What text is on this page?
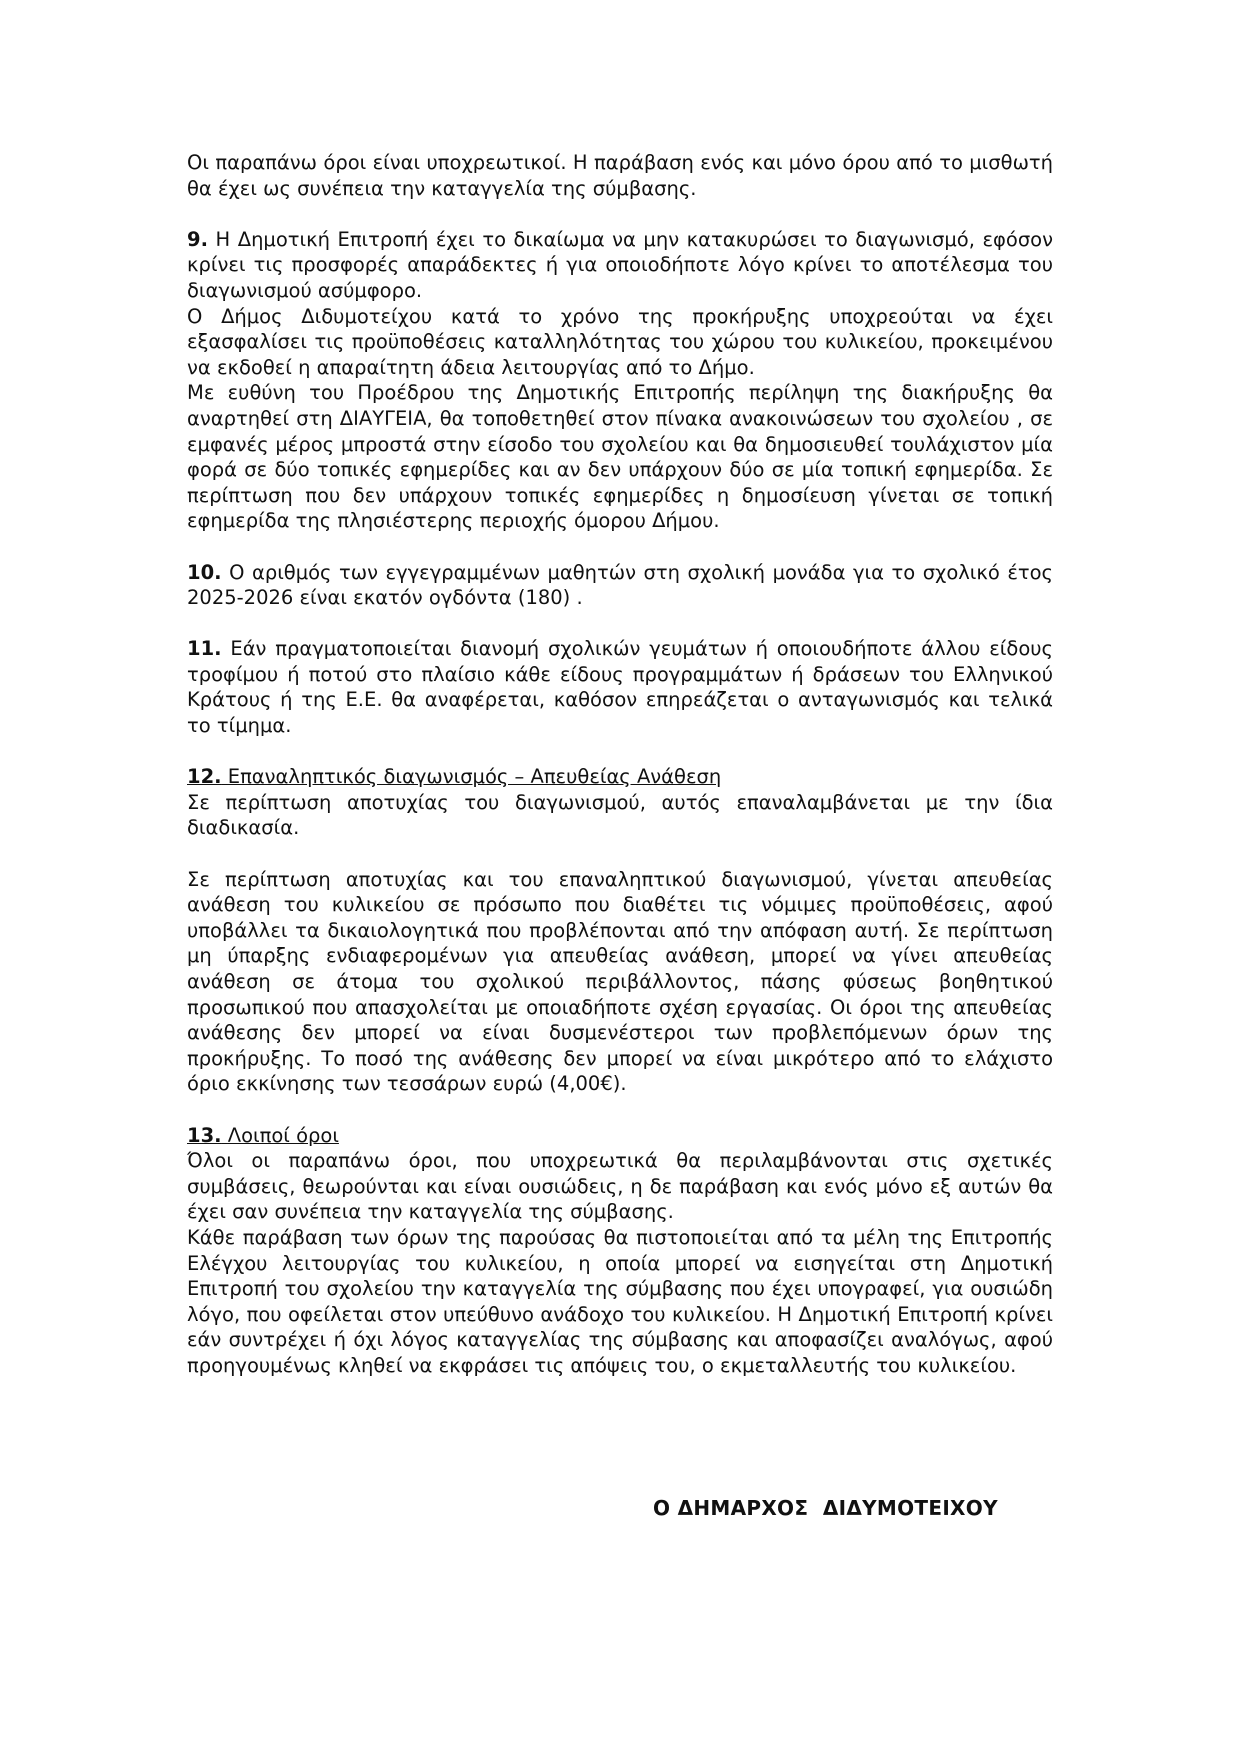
Οι παραπάνω όροι είναι υποχρεωτικοί. Η παράβαση ενός και μόνο όρου από το μισθωτή θα έχει ως συνέπεια την καταγγελία της σύμβασης.

9. Η Δημοτική Επιτροπή έχει το δικαίωμα να μην κατακυρώσει το διαγωνισμό, εφόσον κρίνει τις προσφορές απαράδεκτες ή για οποιοδήποτε λόγο κρίνει το αποτέλεσμα του διαγωνισμού ασύμφορο.

Ο Δήμος Διδυμοτείχου κατά το χρόνο της προκήρυξης υποχρεούται να έχει εξασφαλίσει τις προϋποθέσεις καταλληλότητας του χώρου του κυλικείου, προκειμένου να εκδοθεί η απαραίτητη άδεια λειτουργίας από το Δήμο.

Με ευθύνη του Προέδρου της Δημοτικής Επιτροπής περίληψη της διακήρυξης θα αναρτηθεί στη ΔΙΑΥΓΕΙΑ, θα τοποθετηθεί στον πίνακα ανακοινώσεων του σχολείου , σε εμφανές μέρος μπροστά στην είσοδο του σχολείου και θα δημοσιευθεί τουλάχιστον μία φορά σε δύο τοπικές εφημερίδες και αν δεν υπάρχουν δύο σε μία τοπική εφημερίδα. Σε περίπτωση που δεν υπάρχουν τοπικές εφημερίδες η δημοσίευση γίνεται σε τοπική εφημερίδα της πλησιέστερης περιοχής όμορου Δήμου.

10. Ο αριθμός των εγγεγραμμένων μαθητών στη σχολική μονάδα για το σχολικό έτος 2025-2026 είναι εκατόν ογδόντα (180) .

11. Εάν πραγματοποιείται διανομή σχολικών γευμάτων ή οποιουδήποτε άλλου είδους τροφίμου ή ποτού στο πλαίσιο κάθε είδους προγραμμάτων ή δράσεων του Ελληνικού Κράτους ή της Ε.Ε. θα αναφέρεται, καθόσον επηρεάζεται ο ανταγωνισμός και τελικά το τίμημα.

12. Επαναληπτικός διαγωνισμός – Απευθείας Ανάθεση

Σε περίπτωση αποτυχίας του διαγωνισμού, αυτός επαναλαμβάνεται με την ίδια διαδικασία.

Σε περίπτωση αποτυχίας και του επαναληπτικού διαγωνισμού, γίνεται απευθείας ανάθεση του κυλικείου σε πρόσωπο που διαθέτει τις νόμιμες προϋποθέσεις, αφού υποβάλλει τα δικαιολογητικά που προβλέπονται από την απόφαση αυτή. Σε περίπτωση μη ύπαρξης ενδιαφερομένων για απευθείας ανάθεση, μπορεί να γίνει απευθείας ανάθεση σε άτομα του σχολικού περιβάλλοντος, πάσης φύσεως βοηθητικού προσωπικού που απασχολείται με οποιαδήποτε σχέση εργασίας. Οι όροι της απευθείας ανάθεσης δεν μπορεί να είναι δυσμενέστεροι των προβλεπόμενων όρων της προκήρυξης. Το ποσό της ανάθεσης δεν μπορεί να είναι μικρότερο από το ελάχιστο όριο εκκίνησης των τεσσάρων ευρώ (4,00€).

13. Λοιποί όροι

Όλοι οι παραπάνω όροι, που υποχρεωτικά θα περιλαμβάνονται στις σχετικές συμβάσεις, θεωρούνται και είναι ουσιώδεις, η δε παράβαση και ενός μόνο εξ αυτών θα έχει σαν συνέπεια την καταγγελία της σύμβασης.

Κάθε παράβαση των όρων της παρούσας θα πιστοποιείται από τα μέλη της Επιτροπής Ελέγχου λειτουργίας του κυλικείου, η οποία μπορεί να εισηγείται στη Δημοτική Επιτροπή του σχολείου την καταγγελία της σύμβασης που έχει υπογραφεί, για ουσιώδη λόγο, που οφείλεται στον υπεύθυνο ανάδοχο του κυλικείου. Η Δημοτική Επιτροπή κρίνει εάν συντρέχει ή όχι λόγος καταγγελίας της σύμβασης και αποφασίζει αναλόγως, αφού προηγουμένως κληθεί να εκφράσει τις απόψεις του, ο εκμεταλλευτής του κυλικείου.

Ο ΔΗΜΑΡΧΟΣ  ΔΙΔΥΜΟΤΕΙΧΟΥ
